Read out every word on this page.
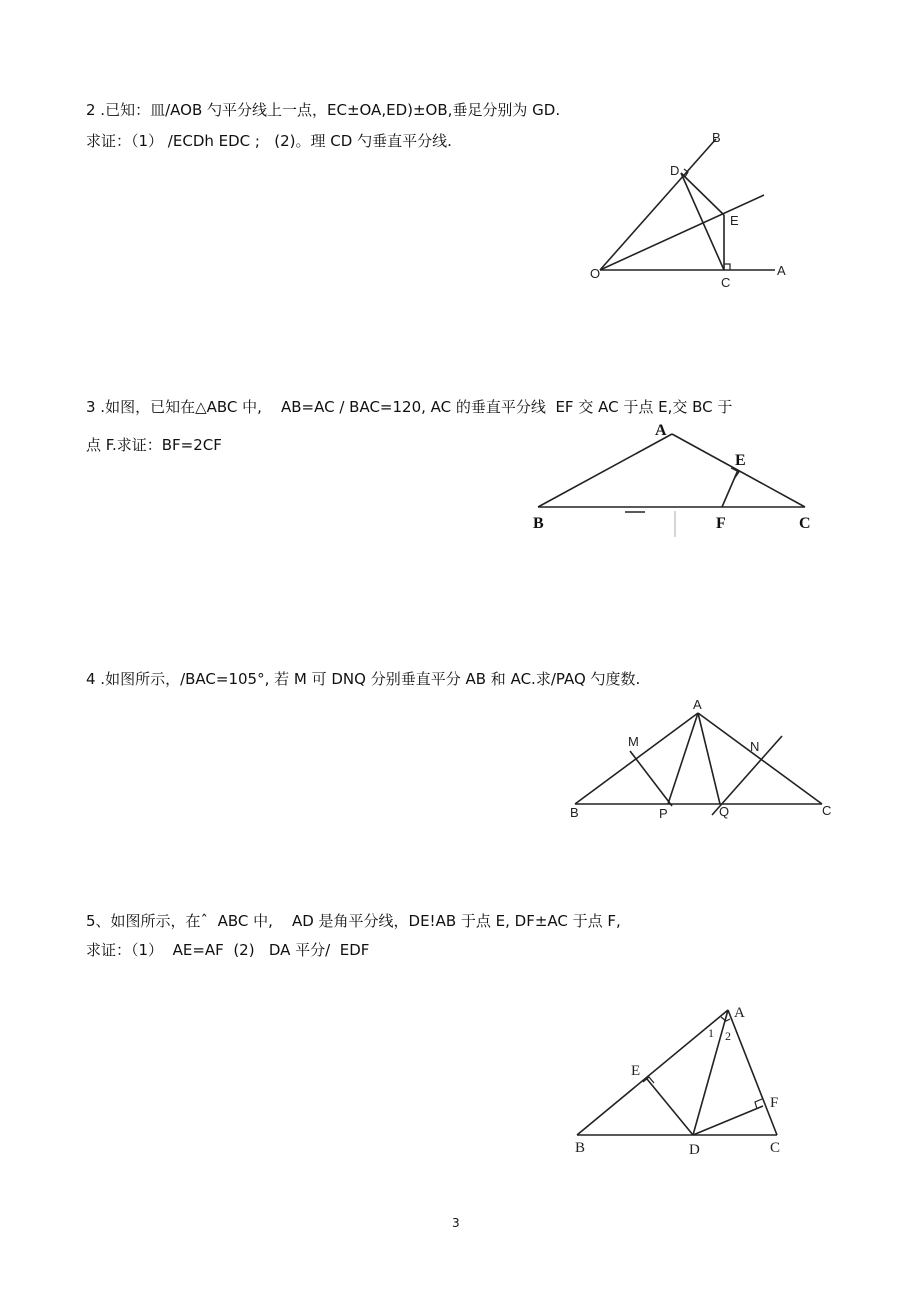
2 .已知：皿/AOB 勺平分线上一点，EC±OA,ED)±OB,垂足分别为 GD.
求证：（1） /ECDh EDC ;   (2)。理 CD 勺垂直平分线.	B
D
E
O
C
A
3 .如图，已知在△ABC 中,    AB=AC / BAC=120, AC 的垂直平分线  EF 交 AC 于点 E,交 BC 于
点 F.求证：BF=2CF
A
E
B	F	C
4 .如图所示，/BAC=105°, 若 M 可 DNQ 分别垂直平分 AB 和 AC.求/PAQ 勺度数.
A
M	N
B	P	Q	C
5、如图所示，在ˆ  ABC 中,    AD 是角平分线，DE!AB 于点 E, DF±AC 于点 F,
求证：（1）  AE=AF  (2)   DA 平分/  EDF
A
1 2
E
F
B	D	C
3
